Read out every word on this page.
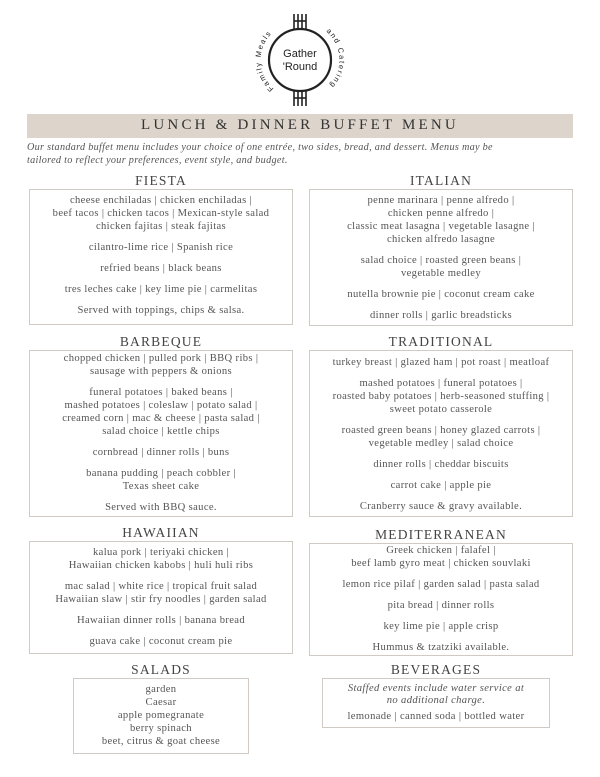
Family Meals	and Catering
Gather
'Round
LUNCH & DINNER BUFFET MENU
Our standard buffet menu includes your choice of one entrée, two sides, bread, and dessert. Menus may be
tailored to reflect your preferences, event style, and budget.
FIESTA
cheese enchiladas | chicken enchiladas |
beef tacos | chicken tacos | Mexican-style salad
chicken fajitas | steak fajitas
cilantro-lime rice | Spanish rice
refried beans | black beans
tres leches cake | key lime pie | carmelitas
Served with toppings, chips & salsa.
ITALIAN
penne marinara | penne alfredo |
chicken penne alfredo |
classic meat lasagna | vegetable lasagne |
chicken alfredo lasagne
salad choice | roasted green beans |
vegetable medley
nutella brownie pie | coconut cream cake
dinner rolls | garlic breadsticks
BARBEQUE
chopped chicken | pulled pork | BBQ ribs |
sausage with peppers & onions
funeral potatoes | baked beans |
mashed potatoes | coleslaw | potato salad |
creamed corn | mac & cheese | pasta salad |
salad choice | kettle chips
cornbread | dinner rolls | buns
banana pudding | peach cobbler |
Texas sheet cake
Served with BBQ sauce.
TRADITIONAL
turkey breast | glazed ham | pot roast | meatloaf
mashed potatoes | funeral potatoes |
roasted baby potatoes | herb-seasoned stuffing |
sweet potato casserole
roasted green beans | honey glazed carrots |
vegetable medley | salad choice
dinner rolls | cheddar biscuits
carrot cake | apple pie
Cranberry sauce & gravy available.
HAWAIIAN
kalua pork | teriyaki chicken |
Hawaiian chicken kabobs | huli huli ribs
mac salad | white rice | tropical fruit salad
Hawaiian slaw | stir fry noodles | garden salad
Hawaiian dinner rolls | banana bread
guava cake | coconut cream pie
MEDITERRANEAN
Greek chicken | falafel |
beef lamb gyro meat | chicken souvlaki
lemon rice pilaf | garden salad | pasta salad
pita bread | dinner rolls
key lime pie | apple crisp
Hummus & tzatziki available.
SALADS
garden
Caesar
apple pomegranate
berry spinach
beet, citrus & goat cheese
BEVERAGES
Staffed events include water service at
no additional charge.
lemonade | canned soda | bottled water
